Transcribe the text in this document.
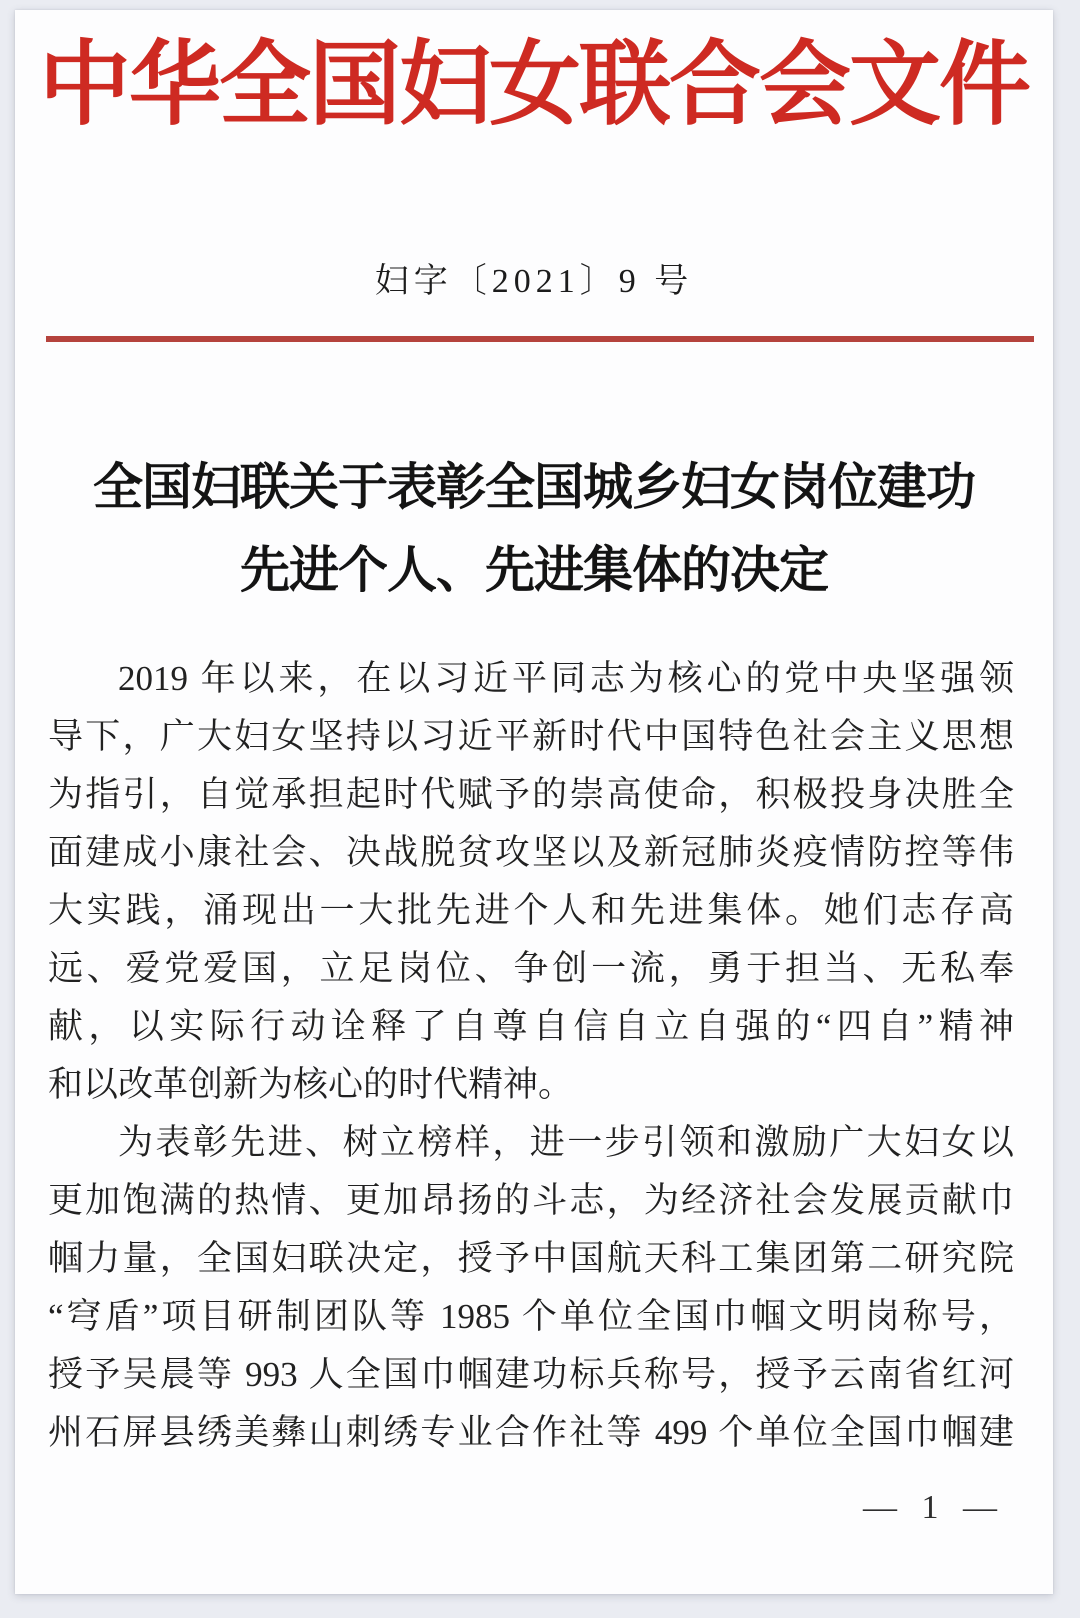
中华全国妇女联合会文件
妇字〔2021〕9 号
全国妇联关于表彰全国城乡妇女岗位建功
先进个人、先进集体的决定
2019 年以来，在以习近平同志为核心的党中央坚强领
导下，广大妇女坚持以习近平新时代中国特色社会主义思想
为指引，自觉承担起时代赋予的崇高使命，积极投身决胜全
面建成小康社会、决战脱贫攻坚以及新冠肺炎疫情防控等伟
大实践，涌现出一大批先进个人和先进集体。她们志存高
远、爱党爱国，立足岗位、争创一流，勇于担当、无私奉
献，以实际行动诠释了自尊自信自立自强的“四自”精神
和以改革创新为核心的时代精神。
为表彰先进、树立榜样，进一步引领和激励广大妇女以
更加饱满的热情、更加昂扬的斗志，为经济社会发展贡献巾
帼力量，全国妇联决定，授予中国航天科工集团第二研究院
“穹盾”项目研制团队等 1985 个单位全国巾帼文明岗称号，
授予吴晨等 993 人全国巾帼建功标兵称号，授予云南省红河
州石屏县绣美彝山刺绣专业合作社等 499 个单位全国巾帼建
— 1 —
